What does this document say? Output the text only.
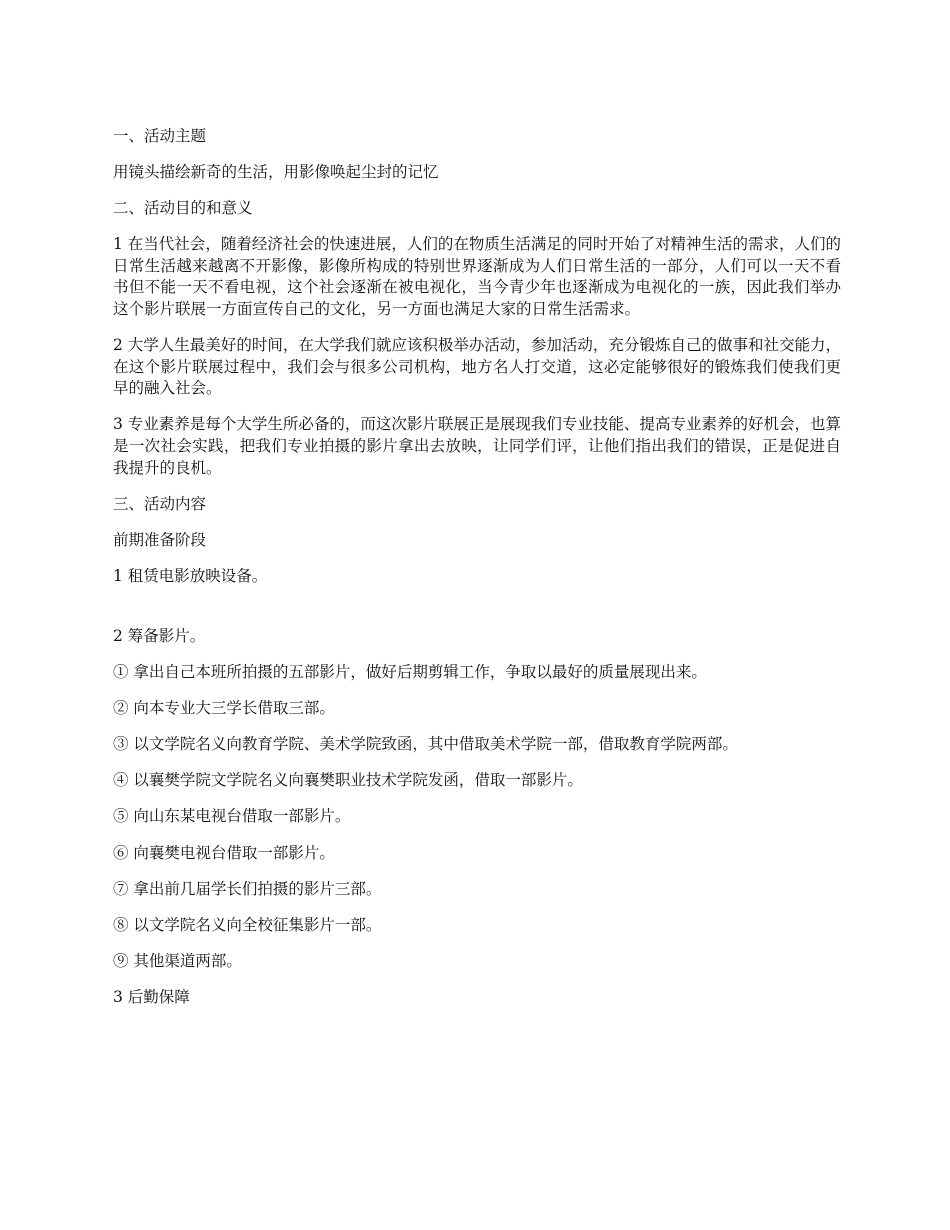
一、活动主题

用镜头描绘新奇的生活，用影像唤起尘封的记忆

二、活动目的和意义

1 在当代社会，随着经济社会的快速进展，人们的在物质生活满足的同时开始了对精神生活的需求，人们的日常生活越来越离不开影像，影像所构成的特别世界逐渐成为人们日常生活的一部分，人们可以一天不看书但不能一天不看电视，这个社会逐渐在被电视化，当今青少年也逐渐成为电视化的一族，因此我们举办这个影片联展一方面宣传自己的文化，另一方面也满足大家的日常生活需求。

2 大学人生最美好的时间，在大学我们就应该积极举办活动，参加活动，充分锻炼自己的做事和社交能力，在这个影片联展过程中，我们会与很多公司机构，地方名人打交道，这必定能够很好的锻炼我们使我们更早的融入社会。

3 专业素养是每个大学生所必备的，而这次影片联展正是展现我们专业技能、提高专业素养的好机会，也算是一次社会实践，把我们专业拍摄的影片拿出去放映，让同学们评，让他们指出我们的错误，正是促进自我提升的良机。

三、活动内容

前期准备阶段

1 租赁电影放映设备。

2 筹备影片。

① 拿出自己本班所拍摄的五部影片，做好后期剪辑工作，争取以最好的质量展现出来。

② 向本专业大三学长借取三部。

③ 以文学院名义向教育学院、美术学院致函，其中借取美术学院一部，借取教育学院两部。

④ 以襄樊学院文学院名义向襄樊职业技术学院发函，借取一部影片。

⑤ 向山东某电视台借取一部影片。

⑥ 向襄樊电视台借取一部影片。

⑦ 拿出前几届学长们拍摄的影片三部。

⑧ 以文学院名义向全校征集影片一部。

⑨ 其他渠道两部。

3 后勤保障
